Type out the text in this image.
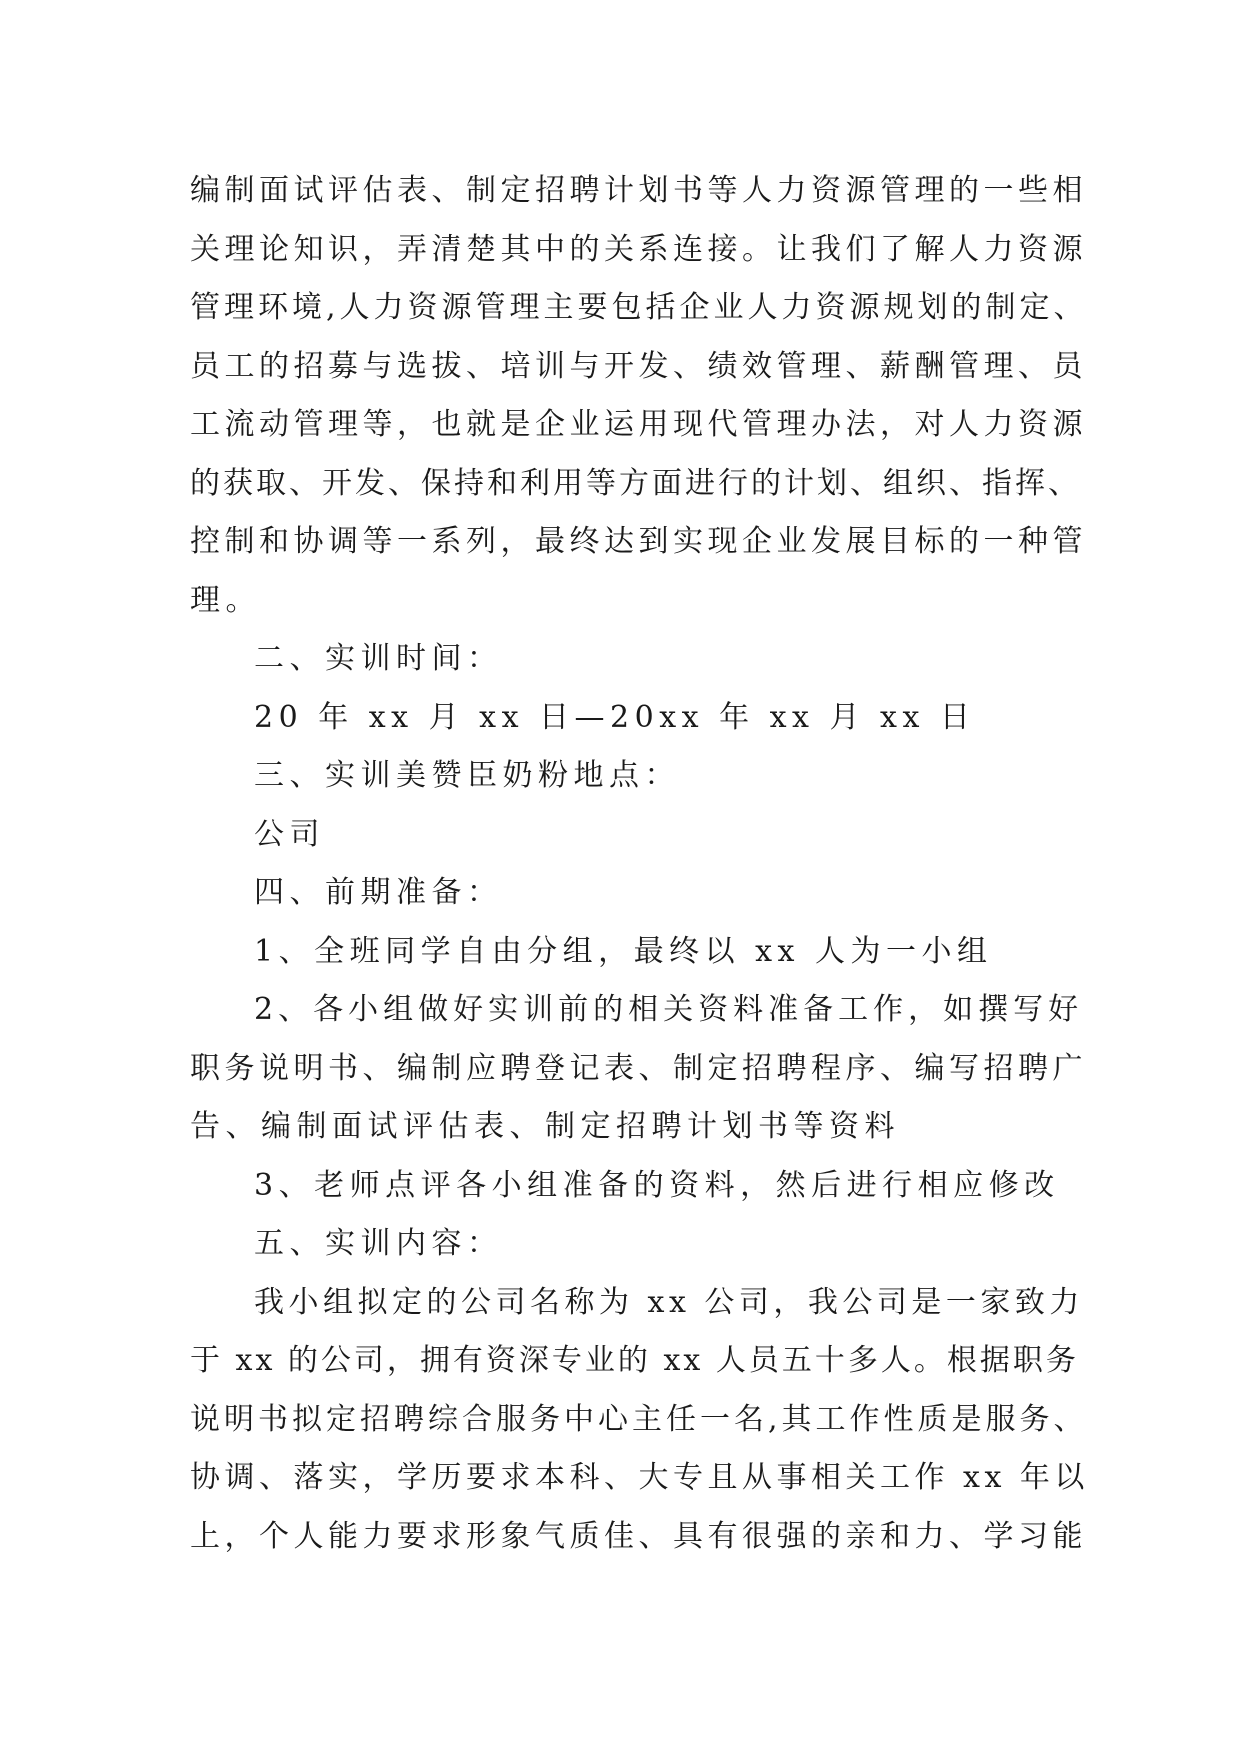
编制面试评估表、制定招聘计划书等人力资源管理的一些相
关理论知识，弄清楚其中的关系连接。让我们了解人力资源
管理环境,人力资源管理主要包括企业人力资源规划的制定、
员工的招募与选拔、培训与开发、绩效管理、薪酬管理、员
工流动管理等，也就是企业运用现代管理办法，对人力资源
的获取、开发、保持和利用等方面进行的计划、组织、指挥、
控制和协调等一系列，最终达到实现企业发展目标的一种管
理。
二、实训时间：
20 年 xx 月 xx 日—20xx 年 xx 月 xx 日
三、实训美赞臣奶粉地点：
公司
四、前期准备：
1、全班同学自由分组，最终以 xx 人为一小组
2、各小组做好实训前的相关资料准备工作，如撰写好
职务说明书、编制应聘登记表、制定招聘程序、编写招聘广
告、编制面试评估表、制定招聘计划书等资料
3、老师点评各小组准备的资料，然后进行相应修改
五、实训内容：
我小组拟定的公司名称为 xx 公司，我公司是一家致力
于 xx 的公司，拥有资深专业的 xx 人员五十多人。根据职务
说明书拟定招聘综合服务中心主任一名,其工作性质是服务、
协调、落实，学历要求本科、大专且从事相关工作 xx 年以
上，个人能力要求形象气质佳、具有很强的亲和力、学习能
